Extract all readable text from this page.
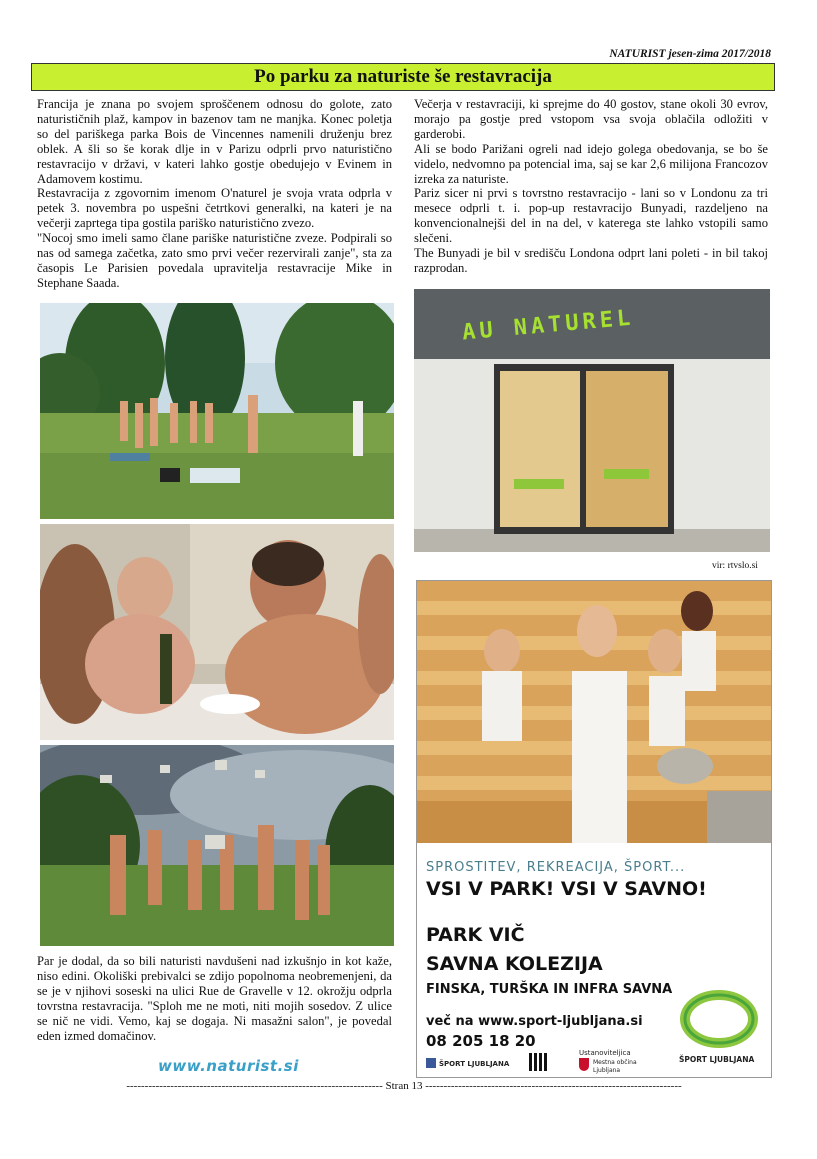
NATURIST jesen-zima 2017/2018
Po parku za naturiste še restavracija

Francija je znana po svojem sproščenem odnosu do golote, zato naturističnih plaž, kampov in bazenov tam ne manjka. Konec poletja so del pariškega parka Bois de Vincennes namenili druženju brez oblek. A šli so še korak dlje in v Parizu odprli prvo naturistično restavracijo v državi, v kateri lahko gostje obedujejo v Evinem in Adamovem kostimu.

Restavracija z zgovornim imenom O'naturel je svoja vrata odprla v petek 3. novembra po uspešni četrtkovi generalki, na kateri je na večerji zaprtega tipa gostila pariško naturistično zvezo.

"Nocoj smo imeli samo člane pariške naturistične zveze. Podpirali so nas od samega začetka, zato smo prvi večer rezervirali zanje", sta za časopis Le Parisien povedala upravitelja restavracije Mike in Stephane Saada.

Večerja v restavraciji, ki sprejme do 40 gostov, stane okoli 30 evrov, morajo pa gostje pred vstopom vsa svoja oblačila odložiti v garderobi.

Ali se bodo Parižani ogreli nad idejo golega obedovanja, se bo še videlo, nedvomno pa potencial ima, saj se kar 2,6 milijona Francozov izreka za naturiste.

Pariz sicer ni prvi s tovrstno restavracijo - lani so v Londonu za tri mesece odprli t. i. pop-up restavracijo Bunyadi, razdeljeno na konvencionalnejši del in na del, v katerega ste lahko vstopili samo slečeni.

The Bunyadi je bil v središču Londona odprt lani poleti - in bil takoj razprodan.

Par je dodal, da so bili naturisti navdušeni nad izkušnjo in kot kaže, niso edini. Okoliški prebivalci se zdijo popolnoma neobremenjeni, da se je v njihovi soseski na ulici Rue de Gravelle v 12. okrožju odprla tovrstna restavracija. "Sploh me ne moti, niti mojih sosedov. Z ulice se nič ne vidi. Vemo, kaj se dogaja. Ni masažni salon", je povedal eden izmed domačinov.

www.naturist.si
AU NATUREL
vir: rtvslo.si
SPROSTITEV, REKREACIJA, ŠPORT...
VSI V PARK! VSI V SAVNO!
PARK VIČ
SAVNA KOLEZIJA
FINSKA, TURŠKA IN INFRA SAVNA
več na www.sport-ljubljana.si
08 205 18 20
ŠPORT LJUBLJANA
ŠPORT LJUBLJANA
Ustanoviteljica
Mestna občina Ljubljana
---------------------------------------------------------------------- Stran 13 ----------------------------------------------------------------------
